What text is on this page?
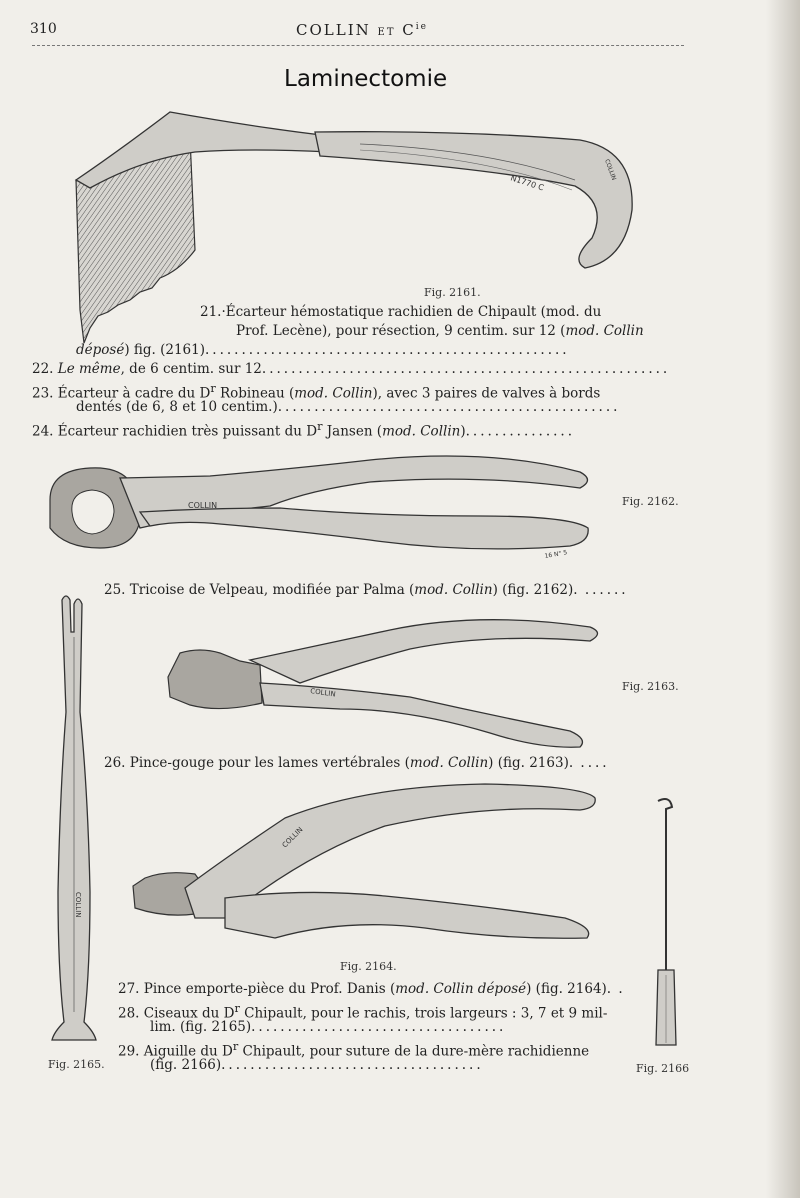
310	COLLIN ET $C^{ie}$
Laminectomie
N1770 C
COLLIN
Fig. 2161.
21.·Écarteur hémostatique rachidien de Chipault (mod. du
Prof. Lecène), pour résection, 9 centim. sur 12 (mod. Collin
déposé) fig. (2161)..................................................
22. Le même, de 6 centim. sur 12........................................................
23. Écarteur à cadre du $D^r$ Robineau (mod. Collin), avec 3 paires de valves à bords
dentés (de 6, 8 et 10 centim.)...............................................
24. Écarteur rachidien très puissant du $D^r$ Jansen (mod. Collin)...............
COLLIN
16 N° 5
Fig. 2162.
25. Tricoise de Velpeau, modifiée par Palma (mod. Collin) (fig. 2162). ......
COLLIN
COLLIN	Fig. 2163.
26. Pince-gouge pour les lames vertébrales (mod. Collin) (fig. 2163). ....
COLLIN
Fig. 2164.
27. Pince emporte-pièce du Prof. Danis (mod. Collin déposé) (fig. 2164). .
28. Ciseaux du $D^r$ Chipault, pour le rachis, trois largeurs : 3, 7 et 9 mil-
lim. (fig. 2165)...................................
29. Aiguille du $D^r$ Chipault, pour suture de la dure-mère rachidienne
(fig. 2166)....................................
Fig. 2165.	Fig. 2166
